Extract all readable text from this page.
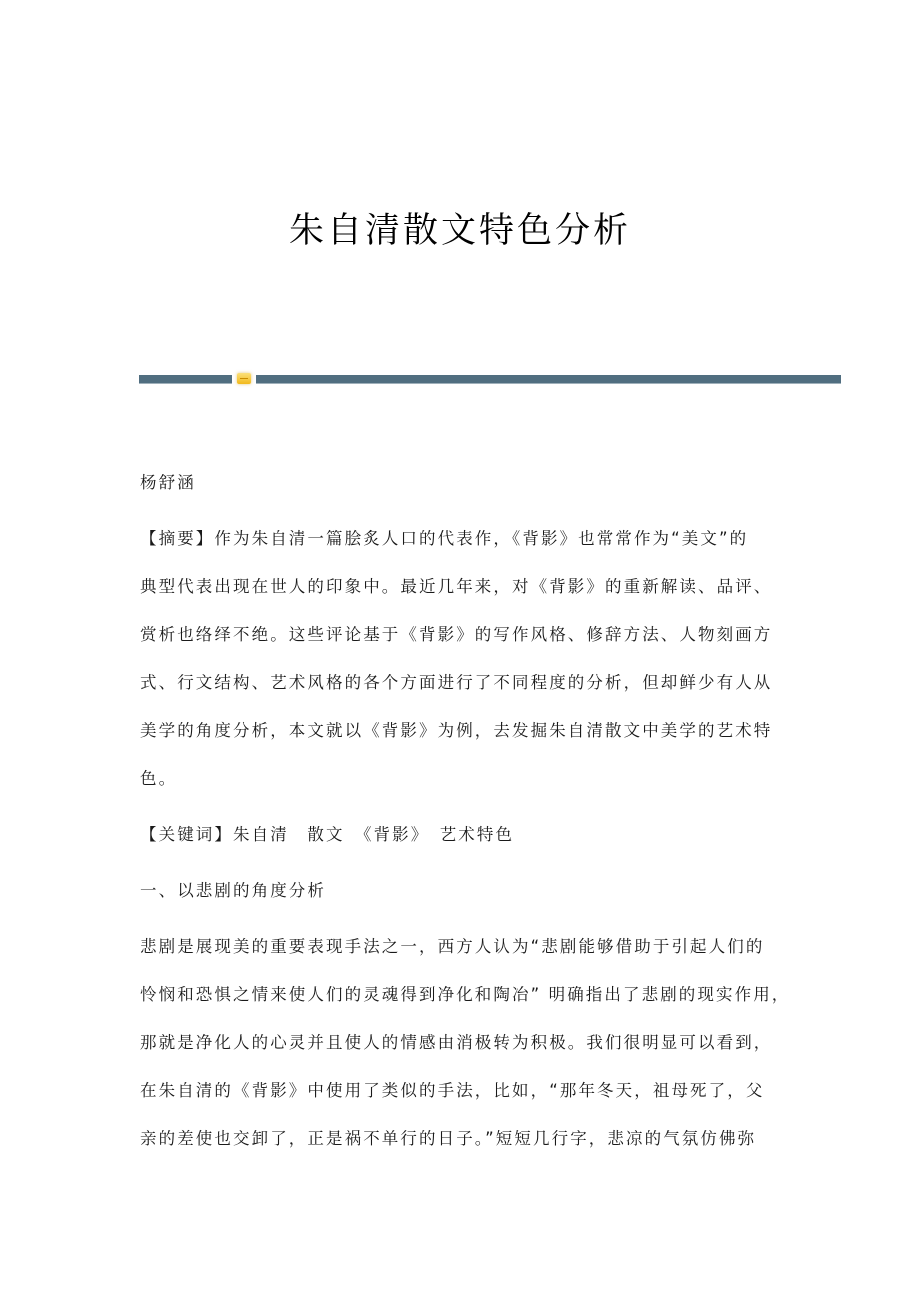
朱自清散文特色分析
杨舒涵
【摘要】作为朱自清一篇脍炙人口的代表作，《背影》也常常作为“美文”的
典型代表出现在世人的印象中。最近几年来，对《背影》的重新解读、品评、
赏析也络绎不绝。这些评论基于《背影》的写作风格、修辞方法、人物刻画方
式、行文结构、艺术风格的各个方面进行了不同程度的分析，但却鲜少有人从
美学的角度分析，本文就以《背影》为例，去发掘朱自清散文中美学的艺术特
色。
【关键词】朱自清　散文　《背影》　艺术特色
一、以悲剧的角度分析
悲剧是展现美的重要表现手法之一，西方人认为“悲剧能够借助于引起人们的
怜悯和恐惧之情来使人们的灵魂得到净化和陶冶” 明确指出了悲剧的现实作用，
那就是净化人的心灵并且使人的情感由消极转为积极。我们很明显可以看到，
在朱自清的《背影》中使用了类似的手法，比如，“那年冬天，祖母死了，父
亲的差使也交卸了，正是祸不单行的日子。”短短几行字，悲凉的气氛仿佛弥
